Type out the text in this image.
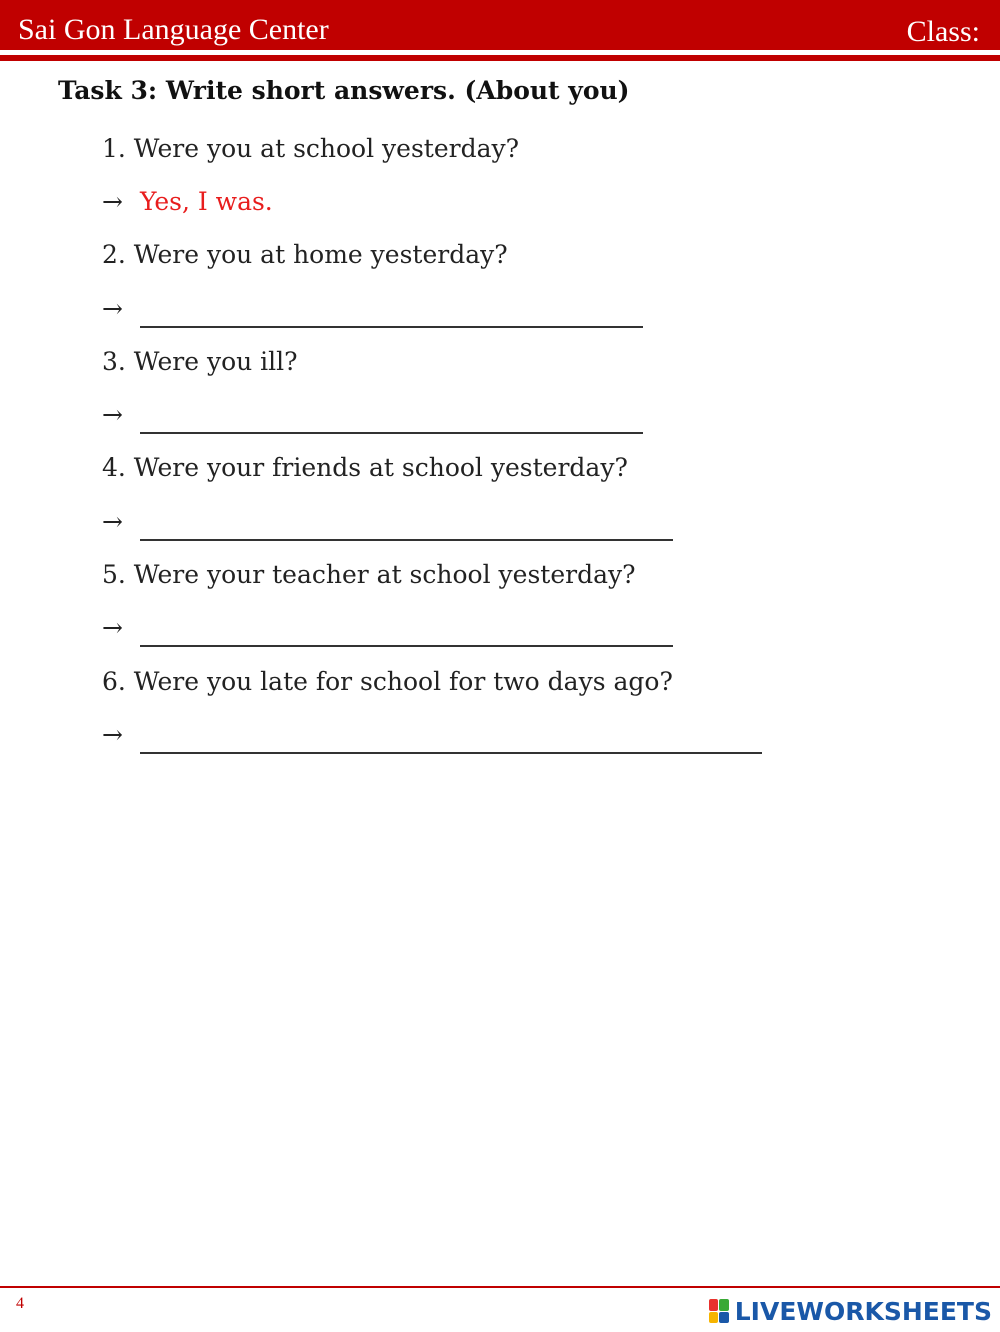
Sai Gon Language Center	Class:
Task 3: Write short answers. (About you)
1. Were you at school yesterday?
→ Yes, I was.
2. Were you at home yesterday?
→
3. Were you ill?
→
4. Were your friends at school yesterday?
→
5. Were your teacher at school yesterday?
→
6. Were you late for school for two days ago?
→
4	LIVEWORKSHEETS
